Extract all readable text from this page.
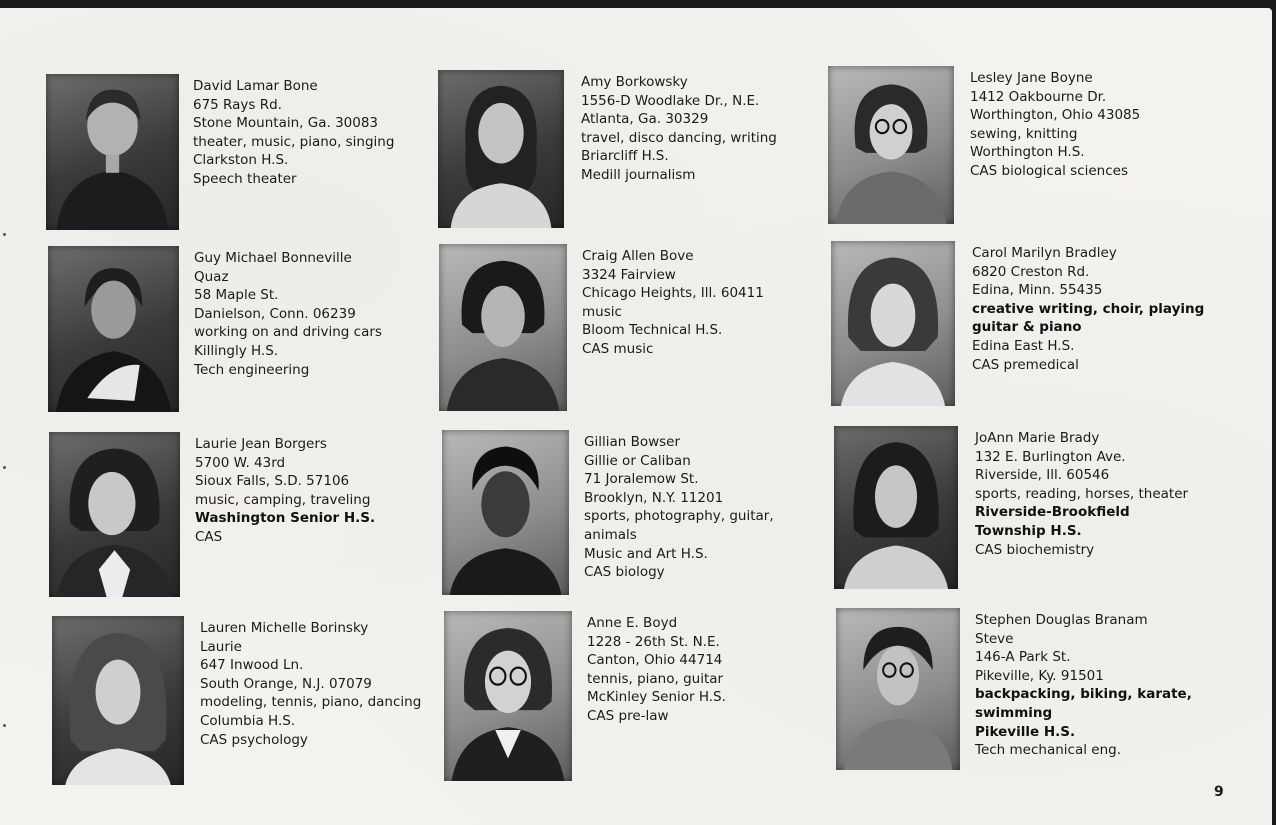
David Lamar Bone
675 Rays Rd.
Stone Mountain, Ga. 30083
theater, music, piano, singing
Clarkston H.S.
Speech theater
Amy Borkowsky
1556-D Woodlake Dr., N.E.
Atlanta, Ga. 30329
travel, disco dancing, writing
Briarcliff H.S.
Medill journalism
Lesley Jane Boyne
1412 Oakbourne Dr.
Worthington, Ohio 43085
sewing, knitting
Worthington H.S.
CAS biological sciences
Guy Michael Bonneville
Quaz
58 Maple St.
Danielson, Conn. 06239
working on and driving cars
Killingly H.S.
Tech engineering
Craig Allen Bove
3324 Fairview
Chicago Heights, Ill. 60411
music
Bloom Technical H.S.
CAS music
Carol Marilyn Bradley
6820 Creston Rd.
Edina, Minn. 55435
creative writing, choir, playing
guitar & piano
Edina East H.S.
CAS premedical
Laurie Jean Borgers
5700 W. 43rd
Sioux Falls, S.D. 57106
music, camping, traveling
Washington Senior H.S.
CAS
Gillian Bowser
Gillie or Caliban
71 Joralemow St.
Brooklyn, N.Y. 11201
sports, photography, guitar,
animals
Music and Art H.S.
CAS biology
JoAnn Marie Brady
132 E. Burlington Ave.
Riverside, Ill. 60546
sports, reading, horses, theater
Riverside-Brookfield
Township H.S.
CAS biochemistry
Lauren Michelle Borinsky
Laurie
647 Inwood Ln.
South Orange, N.J. 07079
modeling, tennis, piano, dancing
Columbia H.S.
CAS psychology
Anne E. Boyd
1228 - 26th St. N.E.
Canton, Ohio 44714
tennis, piano, guitar
McKinley Senior H.S.
CAS pre-law
Stephen Douglas Branam
Steve
146-A Park St.
Pikeville, Ky. 91501
backpacking, biking, karate,
swimming
Pikeville H.S.
Tech mechanical eng.
9
